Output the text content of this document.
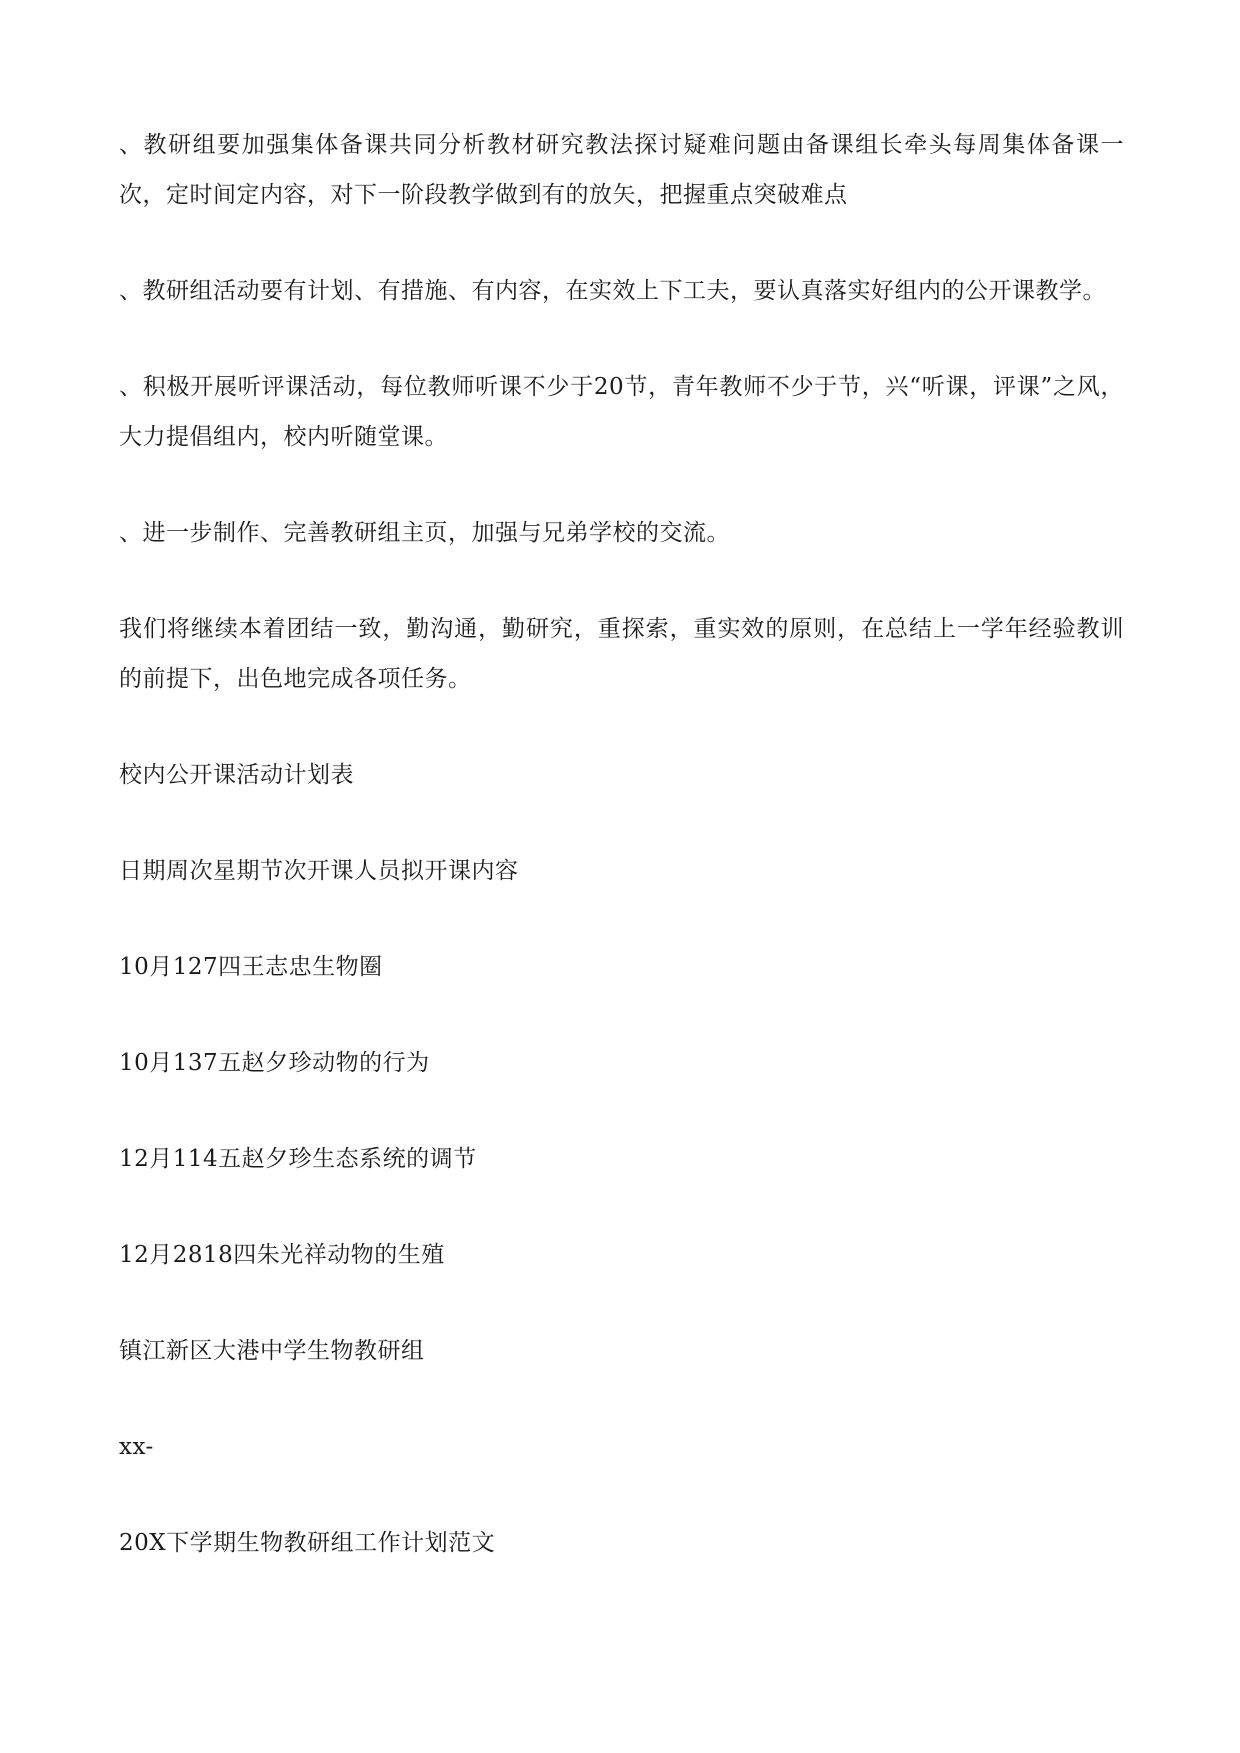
、教研组要加强集体备课共同分析教材研究教法探讨疑难问题由备课组长牵头每周集体备课一次，定时间定内容，对下一阶段教学做到有的放矢，把握重点突破难点

、教研组活动要有计划、有措施、有内容，在实效上下工夫，要认真落实好组内的公开课教学。

、积极开展听评课活动，每位教师听课不少于20节，青年教师不少于节，兴“听课，评课”之风，大力提倡组内，校内听随堂课。

、进一步制作、完善教研组主页，加强与兄弟学校的交流。

我们将继续本着团结一致，勤沟通，勤研究，重探索，重实效的原则，在总结上一学年经验教训的前提下，出色地完成各项任务。

校内公开课活动计划表

日期周次星期节次开课人员拟开课内容

10月127四王志忠生物圈

10月137五赵夕珍动物的行为

12月114五赵夕珍生态系统的调节

12月2818四朱光祥动物的生殖

镇江新区大港中学生物教研组

xx-

20X下学期生物教研组工作计划范文
